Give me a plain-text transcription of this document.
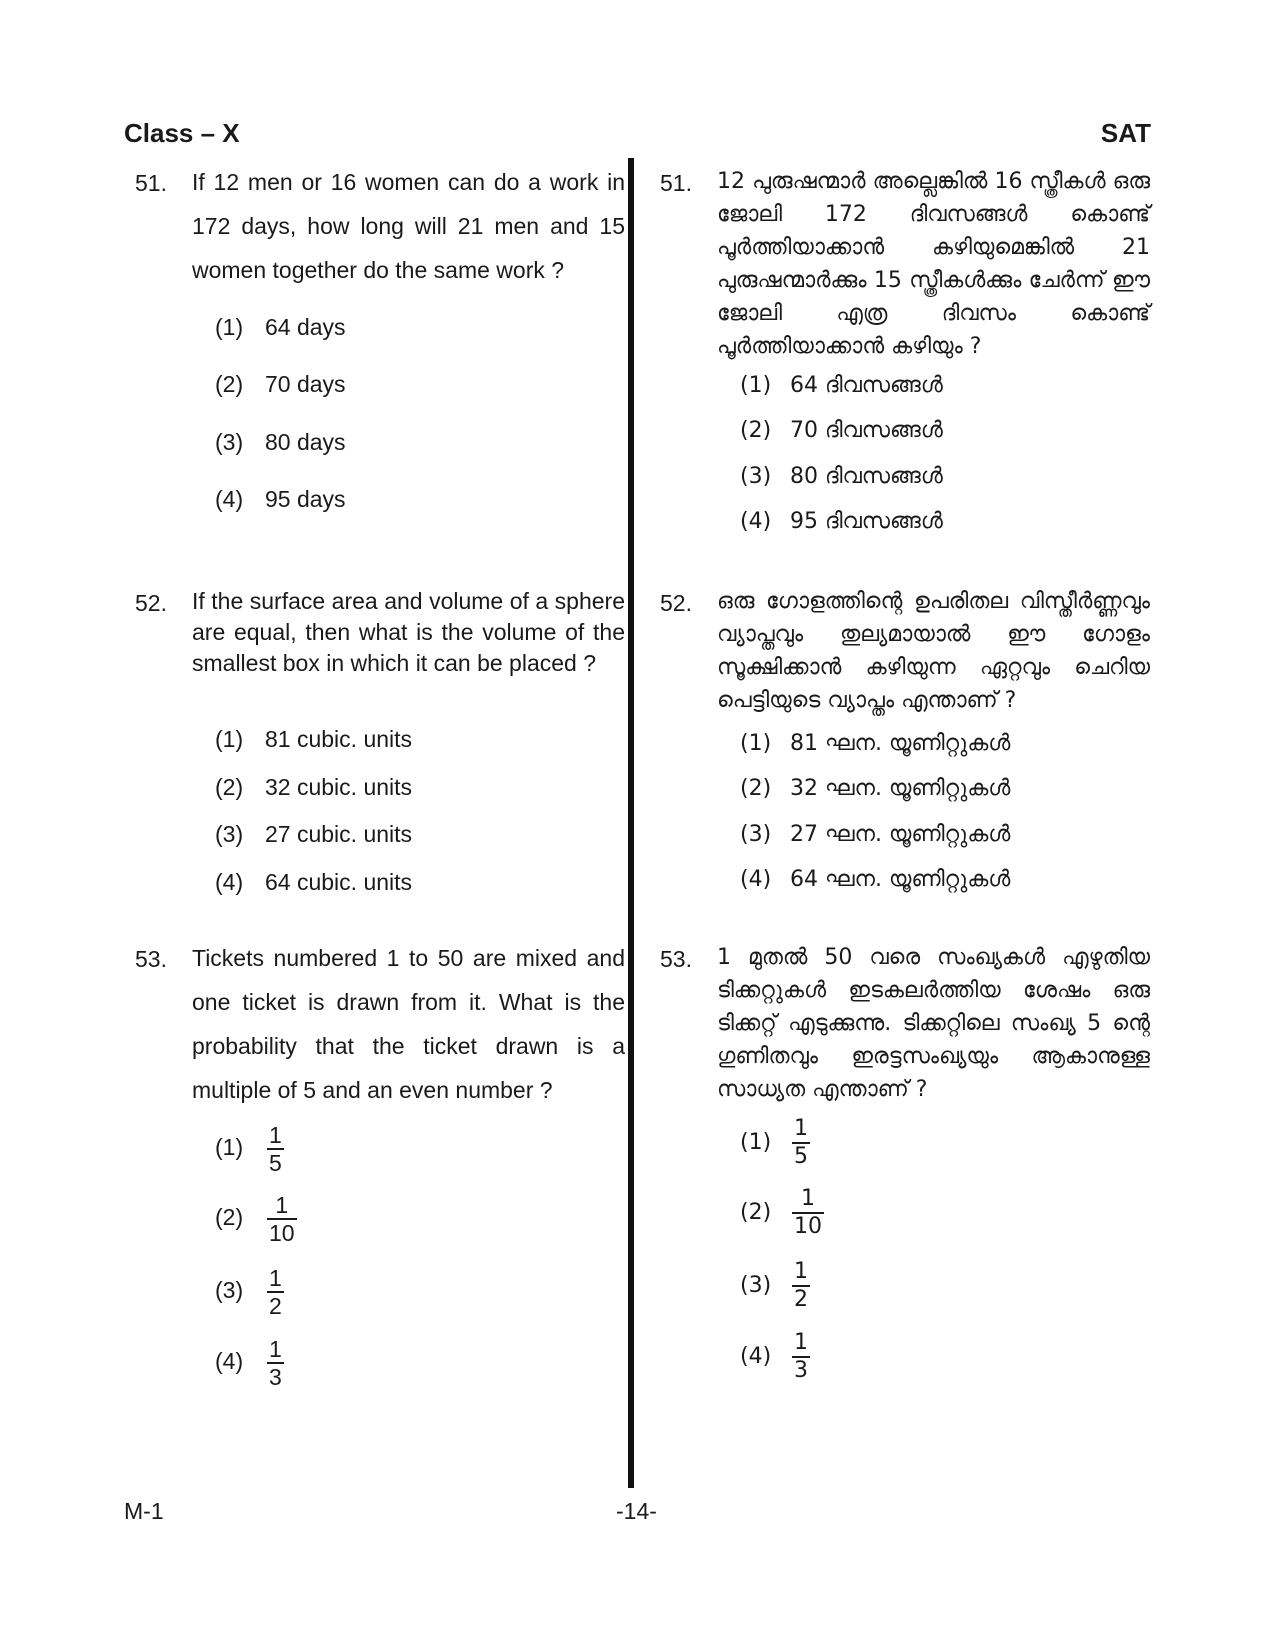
Class – X	SAT
51. If 12 men or 16 women can do a work in 172 days, how long will 21 men and 15 women together do the same work ?

(1) 64 days
(2) 70 days
(3) 80 days
(4) 95 days
52. If the surface area and volume of a sphere are equal, then what is the volume of the smallest box in which it can be placed ?

(1) 81 cubic. units
(2) 32 cubic. units
(3) 27 cubic. units
(4) 64 cubic. units
53. Tickets numbered 1 to 50 are mixed and one ticket is drawn from it. What is the probability that the ticket drawn is a multiple of 5 and an even number ?

$(1) \frac{1}{5}$
$(2) \frac{1}{10}$
$(3) \frac{1}{2}$
$(4) \frac{1}{3}$
51. 12 പുരുഷന്മാർ അല്ലെങ്കിൽ 16 സ്ത്രീകൾ ഒരു ജോലി 172 ദിവസങ്ങൾ കൊണ്ട് പൂർത്തിയാക്കാൻ കഴിയുമെങ്കിൽ 21 പുരുഷന്മാർക്കും 15 സ്ത്രീകൾക്കും ചേർന്ന് ഈ ജോലി എത്ര ദിവസം കൊണ്ട് പൂർത്തിയാക്കാൻ കഴിയും ?

(1) 64 ദിവസങ്ങൾ
(2) 70 ദിവസങ്ങൾ
(3) 80 ദിവസങ്ങൾ
(4) 95 ദിവസങ്ങൾ
52. ഒരു ഗോളത്തിന്റെ ഉപരിതല വിസ്തീർണ്ണവും വ്യാപ്തവും തുല്യമായാൽ ഈ ഗോളം സൂക്ഷിക്കാൻ കഴിയുന്ന ഏറ്റവും ചെറിയ പെട്ടിയുടെ വ്യാപ്തം എന്താണ് ?

(1) 81 ഘന. യൂണിറ്റുകൾ
(2) 32 ഘന. യൂണിറ്റുകൾ
(3) 27 ഘന. യൂണിറ്റുകൾ
(4) 64 ഘന. യൂണിറ്റുകൾ
53. 1 മുതൽ 50 വരെ സംഖ്യകൾ എഴുതിയ ടിക്കറ്റുകൾ ഇടകലർത്തിയ ശേഷം ഒരു ടിക്കറ്റ് എടുക്കുന്നു. ടിക്കറ്റിലെ സംഖ്യ 5 ന്റെ ഗുണിതവും ഇരട്ടസംഖ്യയും ആകാനുള്ള സാധ്യത എന്താണ് ?

$(1) \frac{1}{5}$
$(2) \frac{1}{10}$
$(3) \frac{1}{2}$
$(4) \frac{1}{3}$
M-1	-14-
